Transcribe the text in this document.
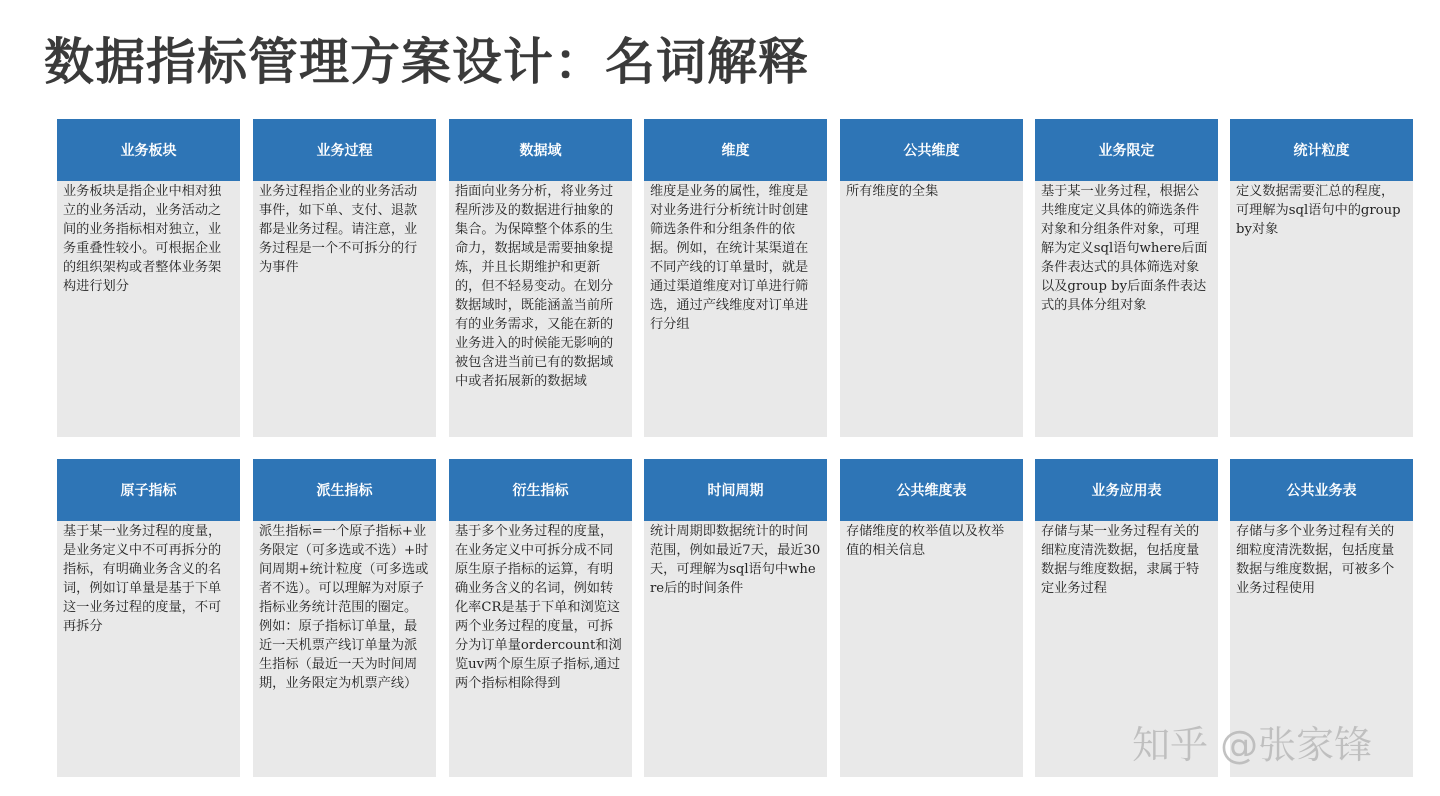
数据指标管理方案设计：名词解释
业务板块
业务板块是指企业中相对独立的业务活动，业务活动之间的业务指标相对独立，业务重叠性较小。可根据企业的组织架构或者整体业务架构进行划分
业务过程
业务过程指企业的业务活动事件，如下单、支付、退款都是业务过程。请注意，业务过程是一个不可拆分的行为事件
数据域
指面向业务分析，将业务过程所涉及的数据进行抽象的集合。为保障整个体系的生命力，数据域是需要抽象提炼，并且长期维护和更新的，但不轻易变动。在划分数据域时，既能涵盖当前所有的业务需求，又能在新的业务进入的时候能无影响的被包含进当前已有的数据域中或者拓展新的数据域
维度
维度是业务的属性，维度是对业务进行分析统计时创建筛选条件和分组条件的依据。例如，在统计某渠道在不同产线的订单量时，就是通过渠道维度对订单进行筛选，通过产线维度对订单进行分组
公共维度
所有维度的全集
业务限定
基于某一业务过程，根据公共维度定义具体的筛选条件对象和分组条件对象，可理解为定义sql语句where后面条件表达式的具体筛选对象以及group by后面条件表达式的具体分组对象
统计粒度
定义数据需要汇总的程度，可理解为sql语句中的group by对象
原子指标
基于某一业务过程的度量，是业务定义中不可再拆分的指标，有明确业务含义的名词，例如订单量是基于下单这一业务过程的度量，不可再拆分
派生指标
派生指标=一个原子指标+业务限定（可多选或不选）+时间周期+统计粒度（可多选或者不选）。可以理解为对原子指标业务统计范围的圈定。例如：原子指标订单量，最近一天机票产线订单量为派生指标（最近一天为时间周期，业务限定为机票产线）
衍生指标
基于多个业务过程的度量，在业务定义中可拆分成不同原生原子指标的运算，有明确业务含义的名词，例如转化率CR是基于下单和浏览这两个业务过程的度量，可拆分为订单量ordercount和浏览uv两个原生原子指标,通过两个指标相除得到
时间周期
统计周期即数据统计的时间范围，例如最近7天，最近30天，可理解为sql语句中where后的时间条件
公共维度表
存储维度的枚举值以及枚举值的相关信息
业务应用表
存储与某一业务过程有关的细粒度清洗数据，包括度量数据与维度数据，隶属于特定业务过程
公共业务表
存储与多个业务过程有关的细粒度清洗数据，包括度量数据与维度数据，可被多个业务过程使用
知乎 @张家锋
